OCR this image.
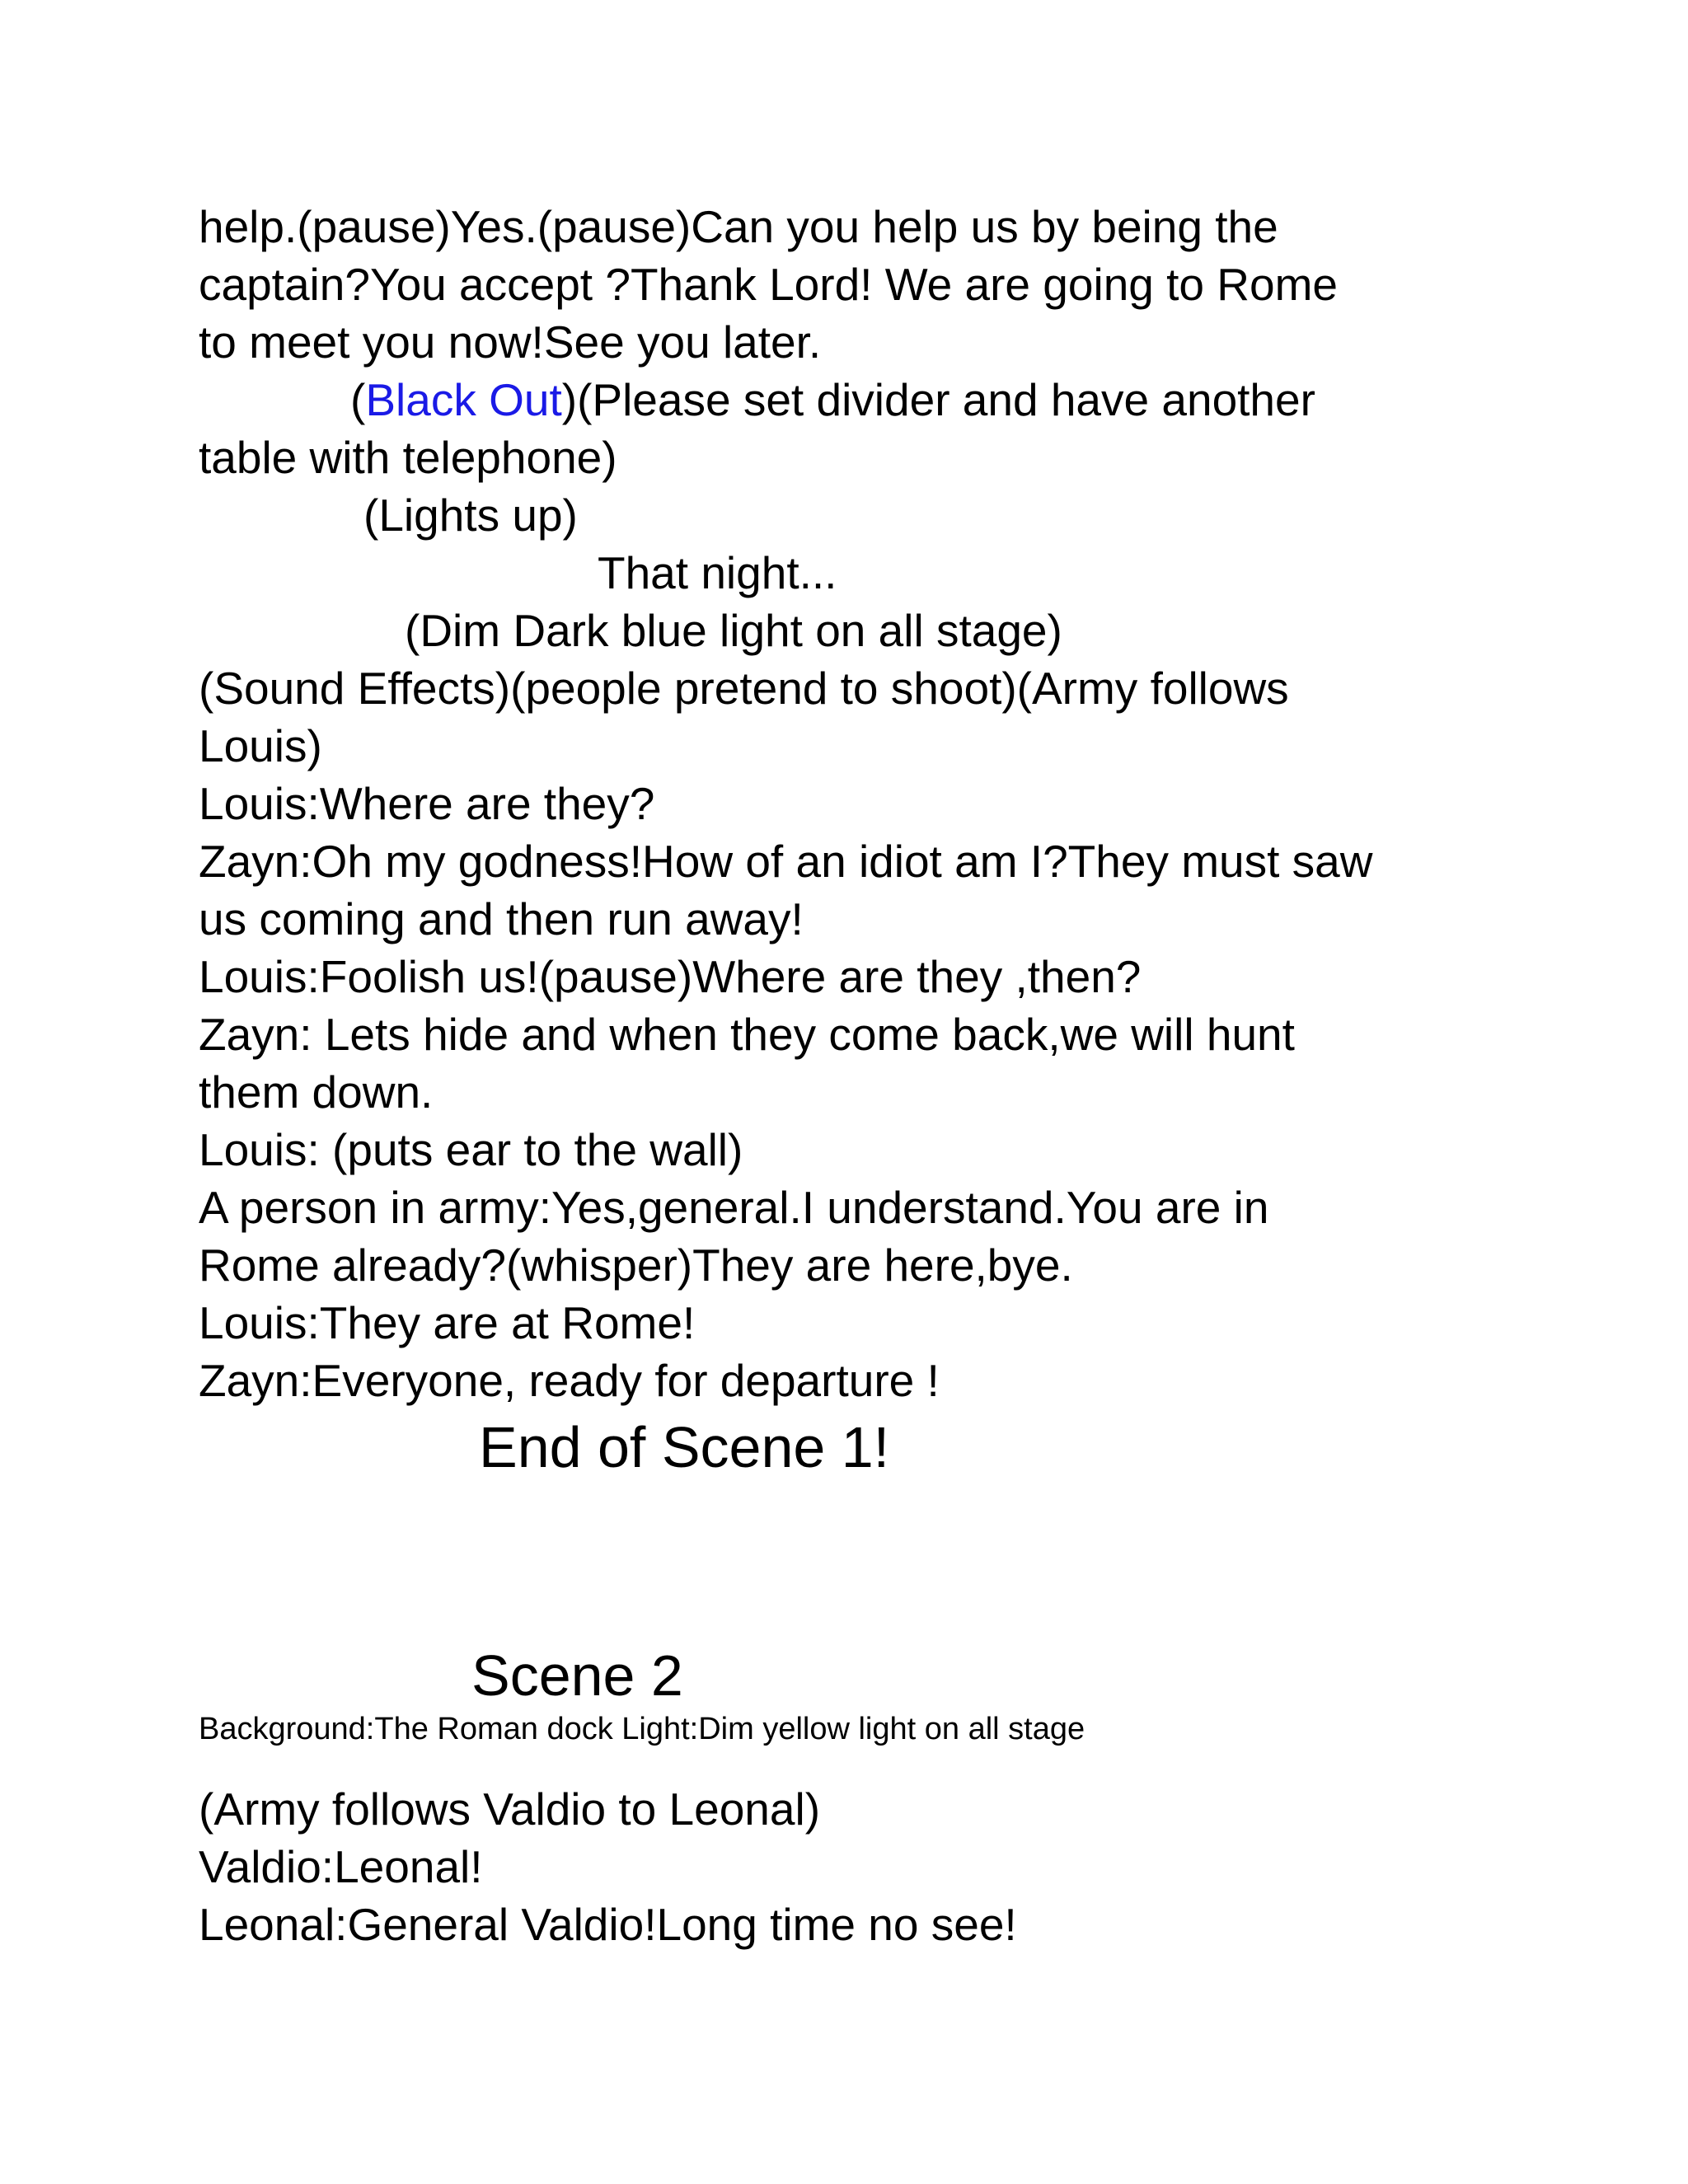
help.(pause)Yes.(pause)Can you help us by being the
captain?You accept ?Thank Lord! We are going to Rome
to meet you now!See you later.
(Black Out)(Please set divider and have another
table with telephone)
(Lights up)
That night...
(Dim Dark blue light on all stage)
(Sound Effects)(people pretend to shoot)(Army follows
Louis)
Louis:Where are they?
Zayn:Oh my godness!How of an idiot am I?They must saw
us coming and then run away!
Louis:Foolish us!(pause)Where are they ,then?
Zayn: Lets hide and when they come back,we will hunt
them down.
Louis: (puts ear to the wall)
A person in army:Yes,general.I understand.You are in
Rome already?(whisper)They are here,bye.
Louis:They are at Rome!
Zayn:Everyone, ready for departure !
End of Scene 1!
Scene 2
Background:The Roman dock Light:Dim yellow light on all stage
(Army follows Valdio to Leonal)
Valdio:Leonal!
Leonal:General Valdio!Long time no see!
